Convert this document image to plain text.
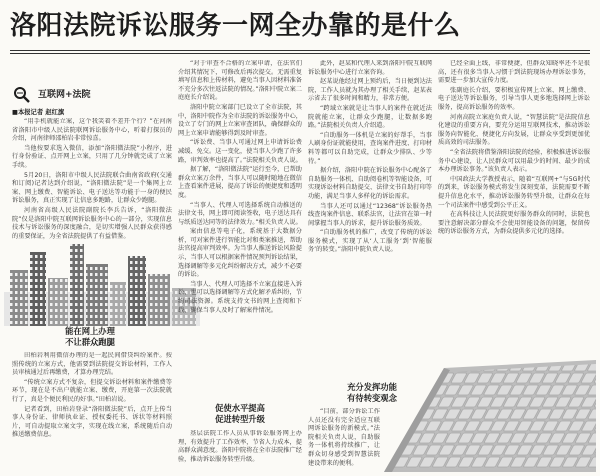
洛阳法院诉讼服务一网全办靠的是什么
互联网+法院
■本报记者 赵红旗

“用手机就能立案，这个我笑着不差开个行？”在河南省洛阳市中级人民法院联网诉讼服务中心，听着打探员的介绍，河南律师邵柏岩非常惊喜。

当他按要求选入微信，添加“洛阳微法院”小程序，进行身份验证、点开网上立案，只用了几分钟就完成了立案手续。

5月20日，洛阳市中级人民法院联合曲南省政府(交通和订阅)记者达到介绍说，“洛阳微法院”是一个集网上立案、网上缴费、智能诉讼、电子送达等功能于一身的便民诉讼服务，真正实现了让信息多跑路，让群众少跑腿。

河南省高级人民法院副院长李兵告诉，“洛阳微法院”仅是洛阳中院互联网诉讼服务中心的一部分，实现信息技术与诉讼服务的深度融合，是切实增强人民群众获得感的重要保证，为全省法院提供了有益借鉴。

能在网上办理
不让群众跑腿

田柏岩利用微信办理的是一起民间借贷纠纷案件。按照传统的立案方式，他需要到法院提交诉讼材料，工作人员审核通过后再缴费，才算办理完结。

“传统立案方式不复杂，但提交诉讼材料和案件缴费等环节，现在是不出户就能立案、缴费，开庭第一次法院就行了，真是个便民利民的好事。”田柏岩说。

记者看到，田柏岩登录“洛阳微法院”后，点开上传当事人身份证、律师执业证、授权委托书、诉状等材料照片，可自动提取立案文字，实现在线立案，系统随后自动推送缴费信息。

“对于审查不合格的立案申请，在法官们介绍其情况下，可修改后再次提交。无需重复填写信息和上传材料，避免当事人因材料准备不充分多次往返法院的情况。”洛阳中院立案二庭庭长介绍说。

洛阳中院立案部门已设立了全市法院，其中，洛阳中院作为全市法院的诉讼服务中心，设立了专门的网上立案审查团队，确保群众的网上立案申请能够得到及时审查。

“诉讼费、当事人可通过网上申请诉讼费减缓、免交。这一变化，使当事人少跑了许多路，审判效率也提高了。”法院相关负责人说。

据了解，“洛阳微法院”运行至今，已帮助群众立案万余件，当事人可以随时随地在微信上查看案件进展，提高了诉讼的便捷度和透明度。

“当事人、代理人可选择系统自动推送的法律文书，网上即可阅读签收，电子送达具有与纸质送达同等的法律效力。”相关负责人说。

案由信息等电子化，系统基于大数据分析，可对案件进行智能比对和类案推送，帮助法官提高审判效率。为当事人推送诉讼风险提示，当事人可以根据案件情况预判诉讼结果，选择调解等多元化纠纷解决方式，减少不必要的诉讼。

当事人、代理人可选择不立案直接进入诉讼，也可以选择调解等方式化解矛盾纠纷，节约司法资源。系统支持文书的网上查阅和下载，确保当事人及时了解案件情况。

促使水平提高
促进转型升级

基层法院工作人员从事诉讼服务网上办理，有效提升了工作效率，节省人力成本，提高群众满意度。洛阳中院将在全市法院推广经验，推动诉讼服务转型升级。

此外，赵某和代理人来到洛阳中院互联网诉讼服务中心进行立案咨询。

赵某说他经过网上预约后，当日便到达法院，工作人员就为其办理了相关手续，赵某表示省去了很多时间和精力，非常方便。

“跨域立案就是让当事人的案件在就近法院就能立案，让群众少跑腿，让数据多跑路。”法院相关负责人介绍道。

“自助服务一体机是立案的好帮手，当事人刷身份证就能使用，查询案件进度、打印材料等都可以自助完成，让群众少排队、少等待。”

据介绍，洛阳中院在诉讼服务中心配备了自助服务一体机、自助阅卷机等智能设备，可实现诉讼材料自助提交、法律文书自助打印等功能，满足当事人多样化的诉讼需求。

当事人还可以通过“12368”诉讼服务热线查询案件信息、联系法官，让法官在第一时间掌握当事人的诉求，提升诉讼服务质效。

“自助服务机的推广，改变了传统的诉讼服务模式，实现了从‘人工服务’到‘智能服务’的转变。”洛阳中院负责人说。

充分发挥功能
有待转变观念

“目前，部分诉讼工作人员还没有完全适应互联网诉讼服务的新模式。”法院相关负责人说，自助服务一体机将持续推广，让群众切身感受到智慧法院建设带来的便利。

已经全面上线，非常便捷，但群众知晓率还不是很高，还有很多当事人习惯于到法院现场办理诉讼事务，需要进一步加大宣传力度。

张副庭长介绍，要积极宣传网上立案、网上缴费、电子送达等诉讼服务，引导当事人更多地选择网上诉讼服务，提高诉讼服务的效率。

河南高院立案庭负责人说，“智慧法院”是法院信息化建设的重要方向，要充分运用互联网技术，推动诉讼服务向智能化、便捷化方向发展，让群众享受到更加优质高效的司法服务。

“全省法院将借鉴洛阳法院的经验，积极推进诉讼服务中心建设，让人民群众可以用最少的时间、最少的成本办理诉讼事务。”该负责人表示。

中国政法大学教授表示，随着“互联网+”与5G时代的到来，诉讼服务模式将发生深刻变革，法院需要不断提升信息化水平，推动诉讼服务转型升级，让群众在每一个司法案件中感受到公平正义。

在高科技让人民法院更好服务群众的同时，法院也要注意解决部分群众不会使用智能设备的问题，保留传统的诉讼服务方式，为群众提供多元化的选择。
